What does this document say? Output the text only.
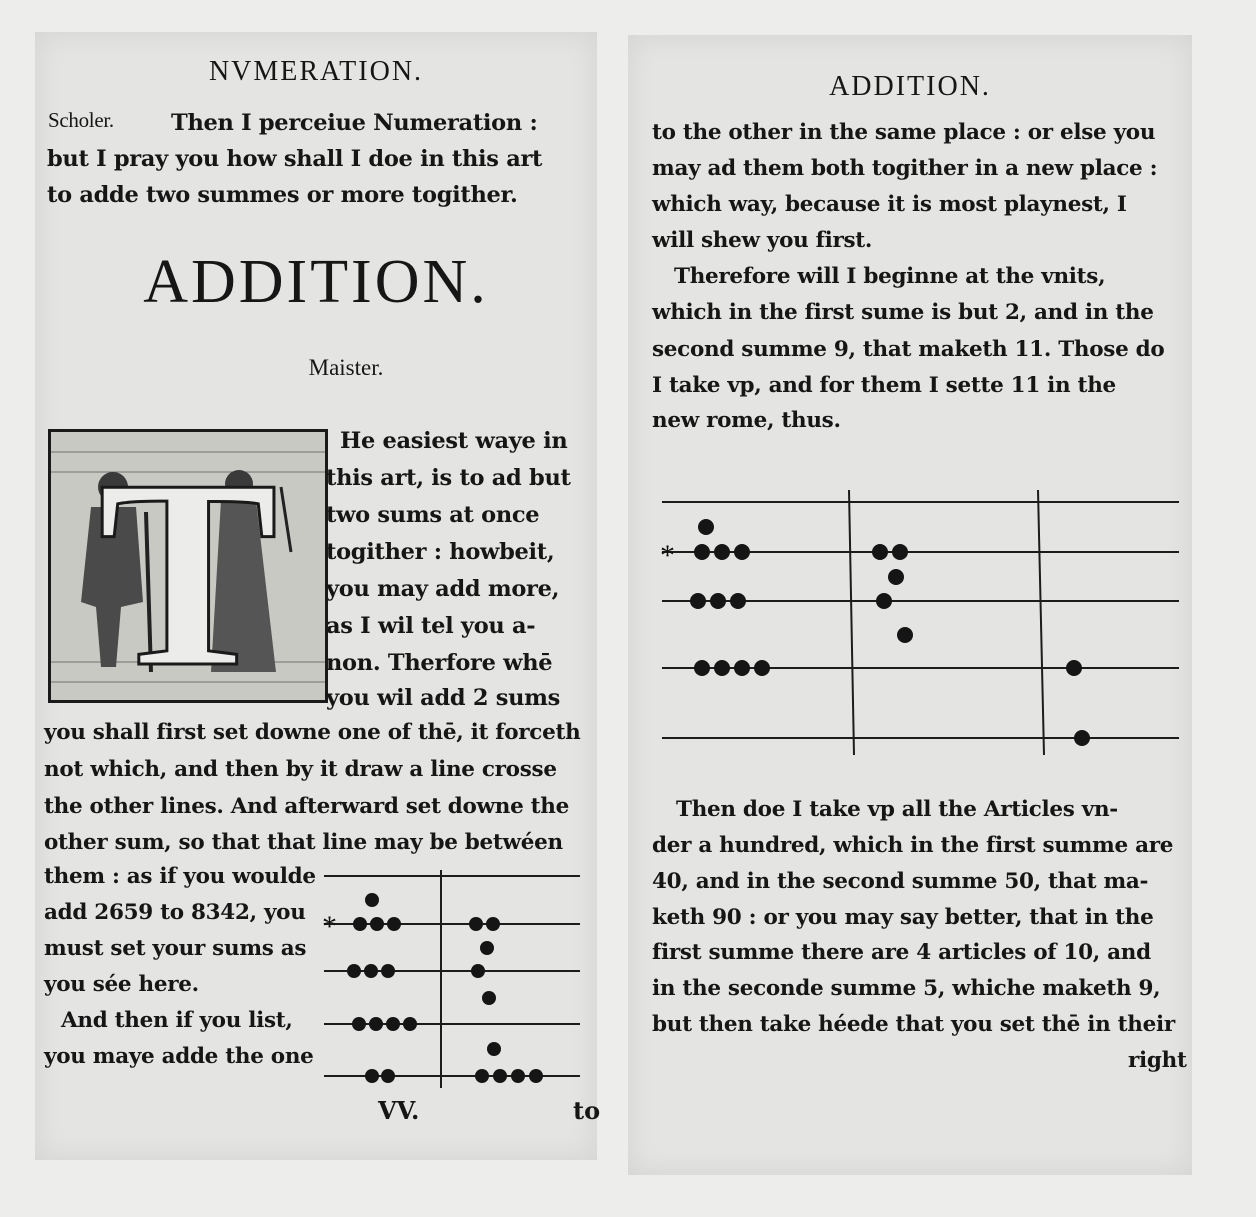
NVMERATION.
Scholer.	Then I perceiue Numeration :
but I pray you how shall I doe in this art
to adde two summes or more togither.
ADDITION.
Maister.
T	He easiest waye in
this art, is to ad but
two sums at once
togither : howbeit,
you may add more,
as I wil tel you a-
non. Therfore whē
you wil add 2 sums
you shall first set downe one of thē, it forceth
not which, and then by it draw a line crosse
the other lines. And afterward set downe the
other sum, so that that line may be betwéen
them : as if you woulde
add 2659 to 8342, you
must set your sums as
you sée here.
And then if you list,
you maye adde the one
*
VV.	to
ADDITION.
to the other in the same place : or else you
may ad them both togither in a new place :
which way, because it is most playnest, I
will shew you first.
Therefore will I beginne at the vnits,
which in the first sume is but 2, and in the
second summe 9, that maketh 11. Those do
I take vp, and for them I sette 11 in the
new rome, thus.
*
Then doe I take vp all the Articles vn-
der a hundred, which in the first summe are
40, and in the second summe 50, that ma-
keth 90 : or you may say better, that in the
first summe there are 4 articles of 10, and
in the seconde summe 5, whiche maketh 9,
but then take héede that you set thē in their
right
